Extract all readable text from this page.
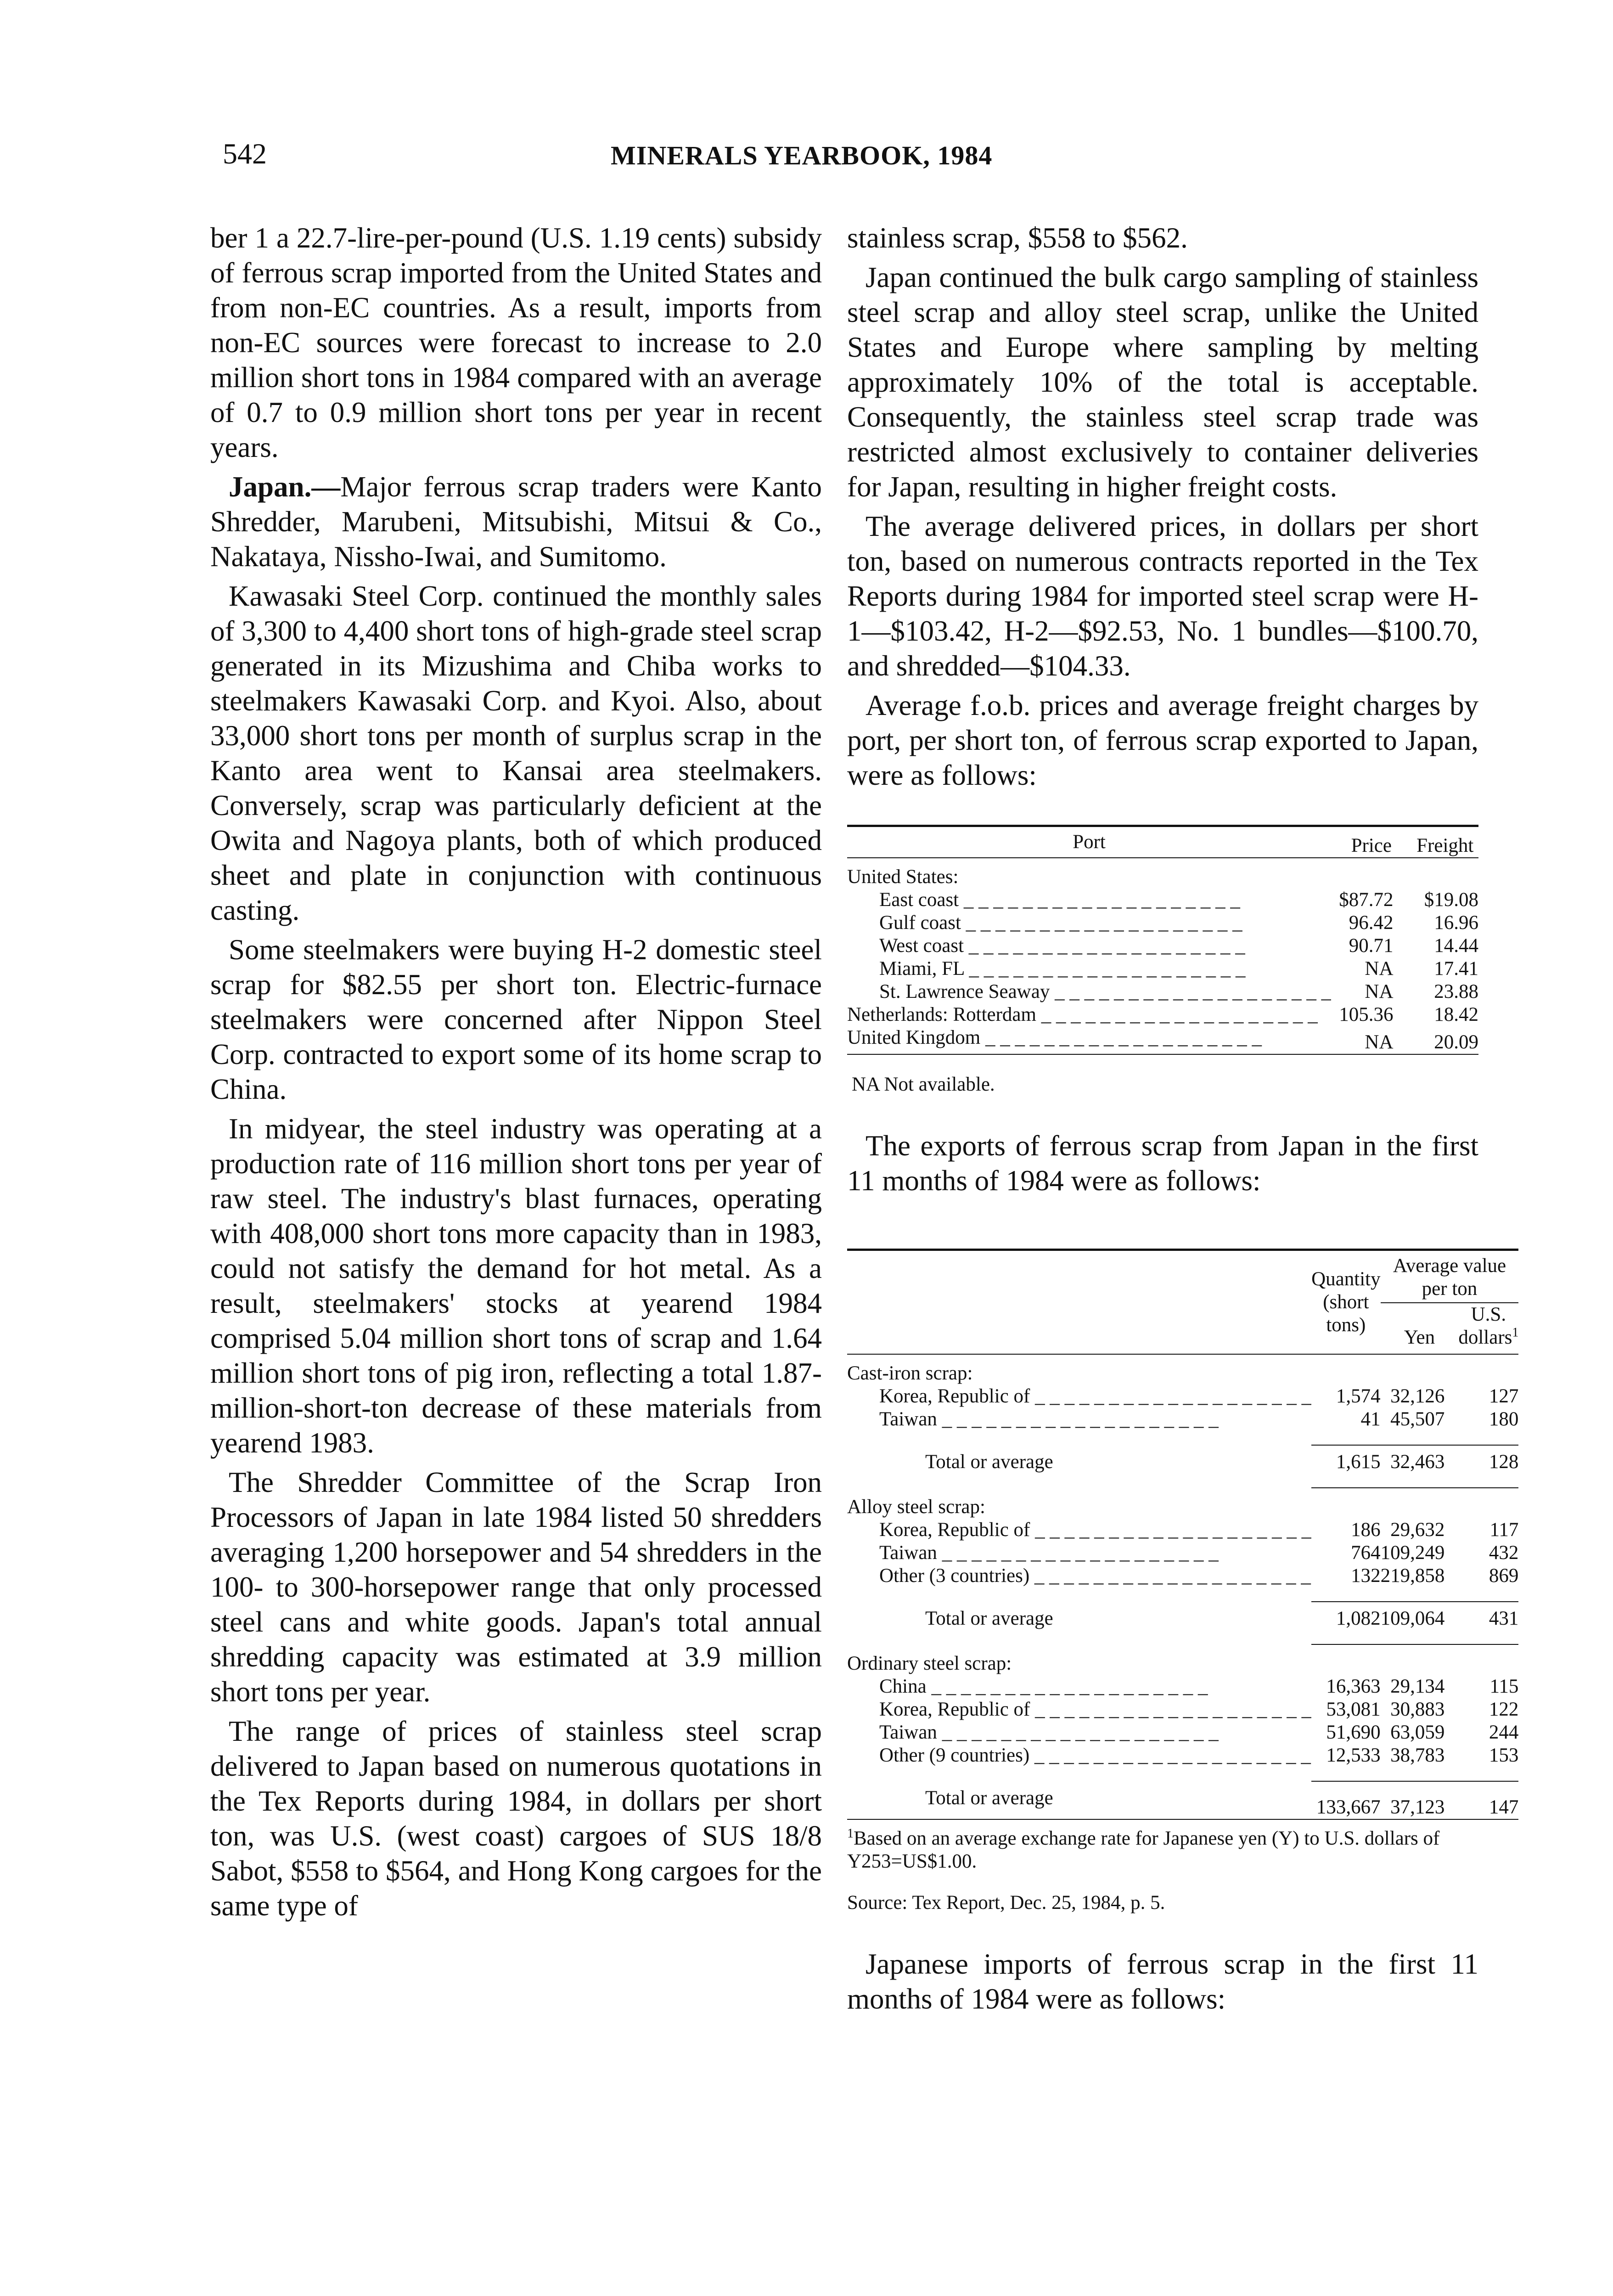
542	MINERALS YEARBOOK, 1984

ber 1 a 22.7-lire-per-pound (U.S. 1.19 cents) subsidy of ferrous scrap imported from the United States and from non-EC countries. As a result, imports from non-EC sources were forecast to increase to 2.0 million short tons in 1984 compared with an average of 0.7 to 0.9 million short tons per year in recent years.

Japan.—Major ferrous scrap traders were Kanto Shredder, Marubeni, Mitsubishi, Mitsui & Co., Nakataya, Nissho-Iwai, and Sumitomo.

Kawasaki Steel Corp. continued the monthly sales of 3,300 to 4,400 short tons of high-grade steel scrap generated in its Mizushima and Chiba works to steelmakers Kawasaki Corp. and Kyoi. Also, about 33,000 short tons per month of surplus scrap in the Kanto area went to Kansai area steelmakers. Conversely, scrap was particularly deficient at the Owita and Nagoya plants, both of which produced sheet and plate in conjunction with continuous casting.

Some steelmakers were buying H-2 domestic steel scrap for $82.55 per short ton. Electric-furnace steelmakers were concerned after Nippon Steel Corp. contracted to export some of its home scrap to China.

In midyear, the steel industry was operating at a production rate of 116 million short tons per year of raw steel. The industry's blast furnaces, operating with 408,000 short tons more capacity than in 1983, could not satisfy the demand for hot metal. As a result, steelmakers' stocks at yearend 1984 comprised 5.04 million short tons of scrap and 1.64 million short tons of pig iron, reflecting a total 1.87-million-short-ton decrease of these materials from yearend 1983.

The Shredder Committee of the Scrap Iron Processors of Japan in late 1984 listed 50 shredders averaging 1,200 horsepower and 54 shredders in the 100- to 300-horsepower range that only processed steel cans and white goods. Japan's total annual shredding capacity was estimated at 3.9 million short tons per year.

The range of prices of stainless steel scrap delivered to Japan based on numerous quotations in the Tex Reports during 1984, in dollars per short ton, was U.S. (west coast) cargoes of SUS 18/8 Sabot, $558 to $564, and Hong Kong cargoes for the same type of

stainless scrap, $558 to $562.

Japan continued the bulk cargo sampling of stainless steel scrap and alloy steel scrap, unlike the United States and Europe where sampling by melting approximately 10% of the total is acceptable. Consequently, the stainless steel scrap trade was restricted almost exclusively to container deliveries for Japan, resulting in higher freight costs.

The average delivered prices, in dollars per short ton, based on numerous contracts reported in the Tex Reports during 1984 for imported steel scrap were H-1—$103.42, H-2—$92.53, No. 1 bundles—$100.70, and shredded—$104.33.

Average f.o.b. prices and average freight charges by port, per short ton, of ferrous scrap exported to Japan, were as follows:

Port	Price	Freight
United States:		
East coast _ _ _	$87.72	$19.08
Gulf coast _ _ _	96.42	16.96
West coast _ _ _	90.71	14.44
Miami, FL _ _ _	NA	17.41
St. Lawrence Seaway _ _ _	NA	23.88
Netherlands: Rotterdam _ _ _	105.36	18.42
United Kingdom _ _ _	NA	20.09
NA Not available.		

The exports of ferrous scrap from Japan in the first 11 months of 1984 were as follows:

	Quantity (short tons)	Average value per ton	
		Yen	U.S. dollars$^1$
Cast-iron scrap:			
Korea, Republic of _ _ _	1,574	32,126	127
Taiwan _ _ _	41	45,507	180

Total or average	1,615	32,463	128

Alloy steel scrap:			
Korea, Republic of _ _ _	186	29,632	117
Taiwan _ _ _	764	109,249	432
Other (3 countries) _ _ _	132	219,858	869

Total or average	1,082	109,064	431

Ordinary steel scrap:			
China _ _ _	16,363	29,134	115
Korea, Republic of _ _ _	53,081	30,883	122
Taiwan _ _ _	51,690	63,059	244
Other (9 countries) _ _ _	12,533	38,783	153

Total or average	133,667	37,123	147
$^1$Based on an average exchange rate for Japanese yen (Y) to U.S. dollars of Y253=US$1.00.			
Source: Tex Report, Dec. 25, 1984, p. 5.			

Japanese imports of ferrous scrap in the first 11 months of 1984 were as follows:
